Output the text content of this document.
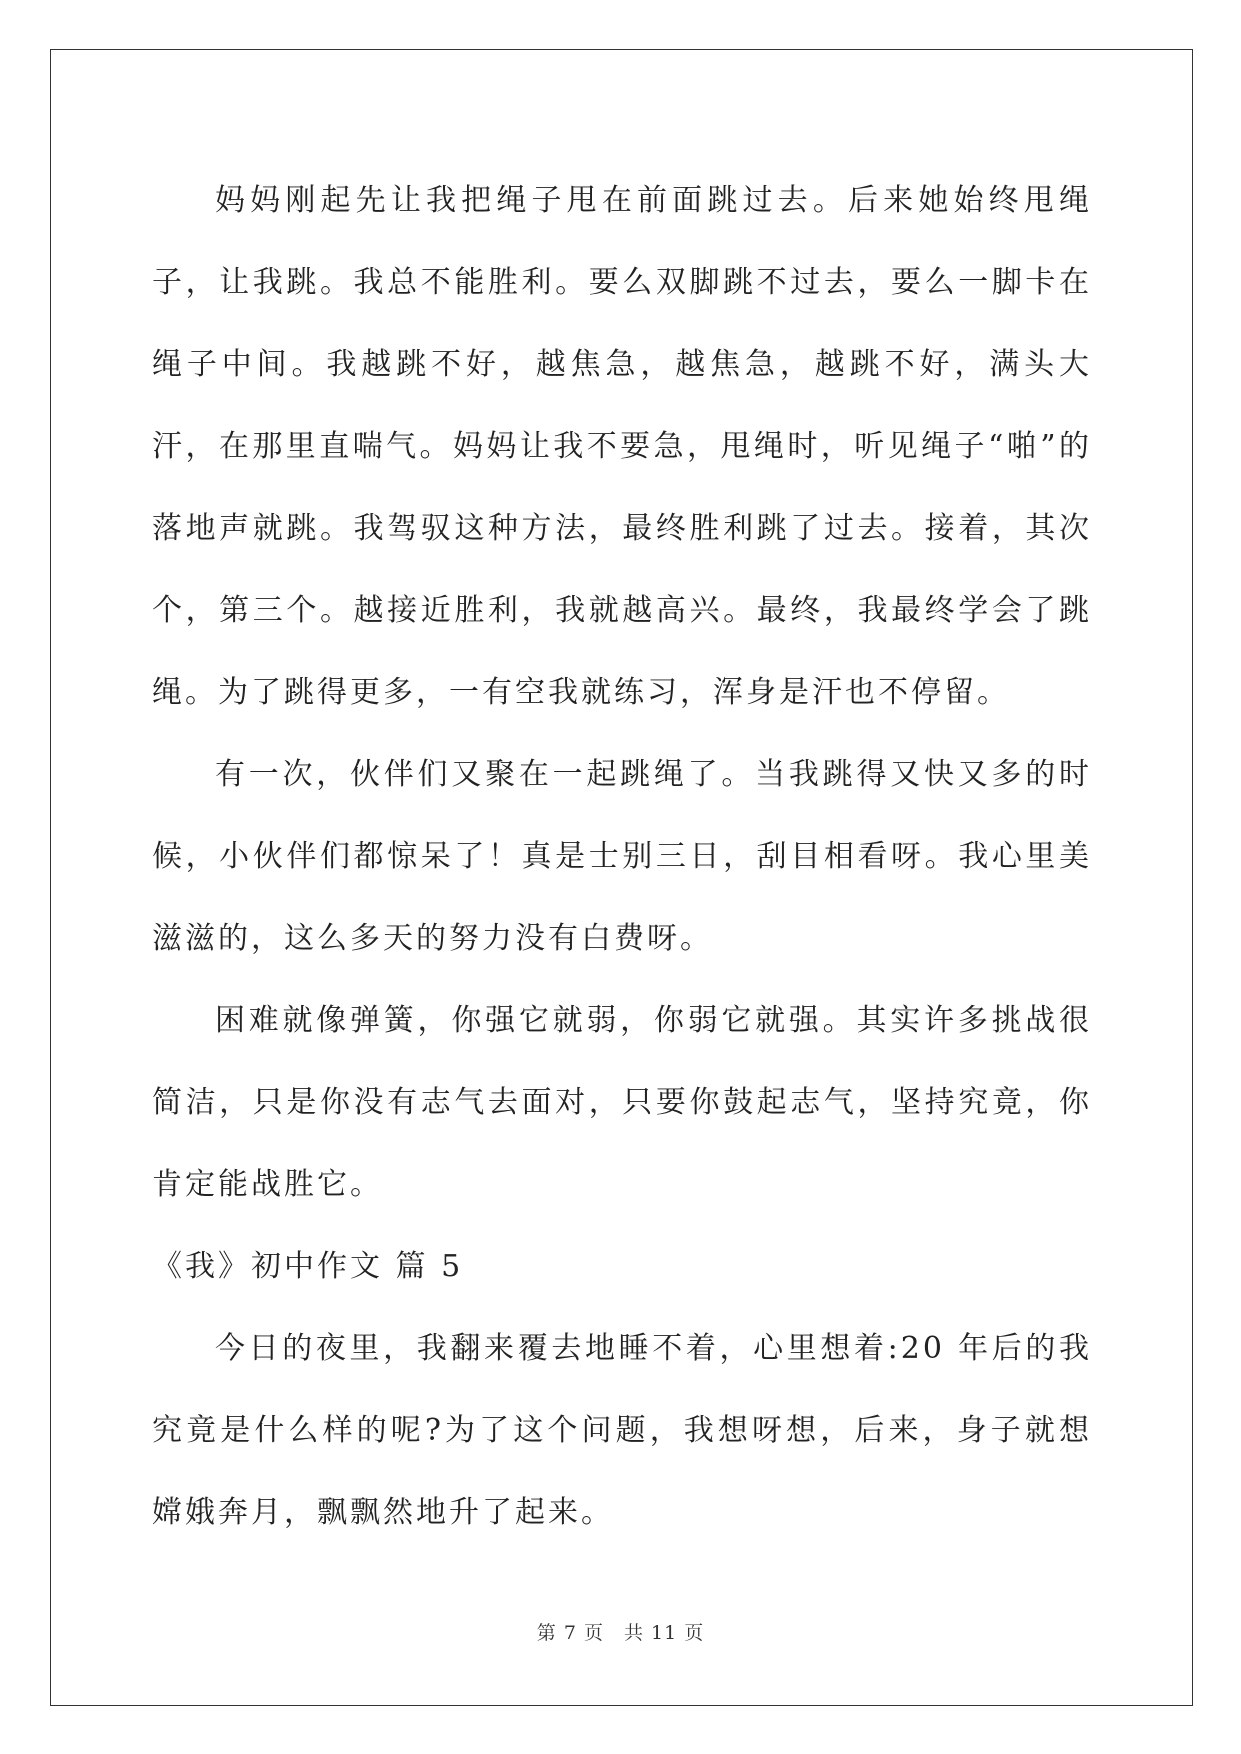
妈妈刚起先让我把绳子甩在前面跳过去。后来她始终甩绳子，让我跳。我总不能胜利。要么双脚跳不过去，要么一脚卡在绳子中间。我越跳不好，越焦急，越焦急，越跳不好，满头大汗，在那里直喘气。妈妈让我不要急，甩绳时，听见绳子“啪”的落地声就跳。我驾驭这种方法，最终胜利跳了过去。接着，其次个，第三个。越接近胜利，我就越高兴。最终，我最终学会了跳绳。为了跳得更多，一有空我就练习，浑身是汗也不停留。

有一次，伙伴们又聚在一起跳绳了。当我跳得又快又多的时候，小伙伴们都惊呆了！真是士别三日，刮目相看呀。我心里美滋滋的，这么多天的努力没有白费呀。

困难就像弹簧，你强它就弱，你弱它就强。其实许多挑战很简洁，只是你没有志气去面对，只要你鼓起志气，坚持究竟，你肯定能战胜它。

《我》初中作文 篇 5

今日的夜里，我翻来覆去地睡不着，心里想着:20 年后的我究竟是什么样的呢?为了这个问题，我想呀想，后来，身子就想嫦娥奔月，飘飘然地升了起来。

第 7 页　共 11 页
